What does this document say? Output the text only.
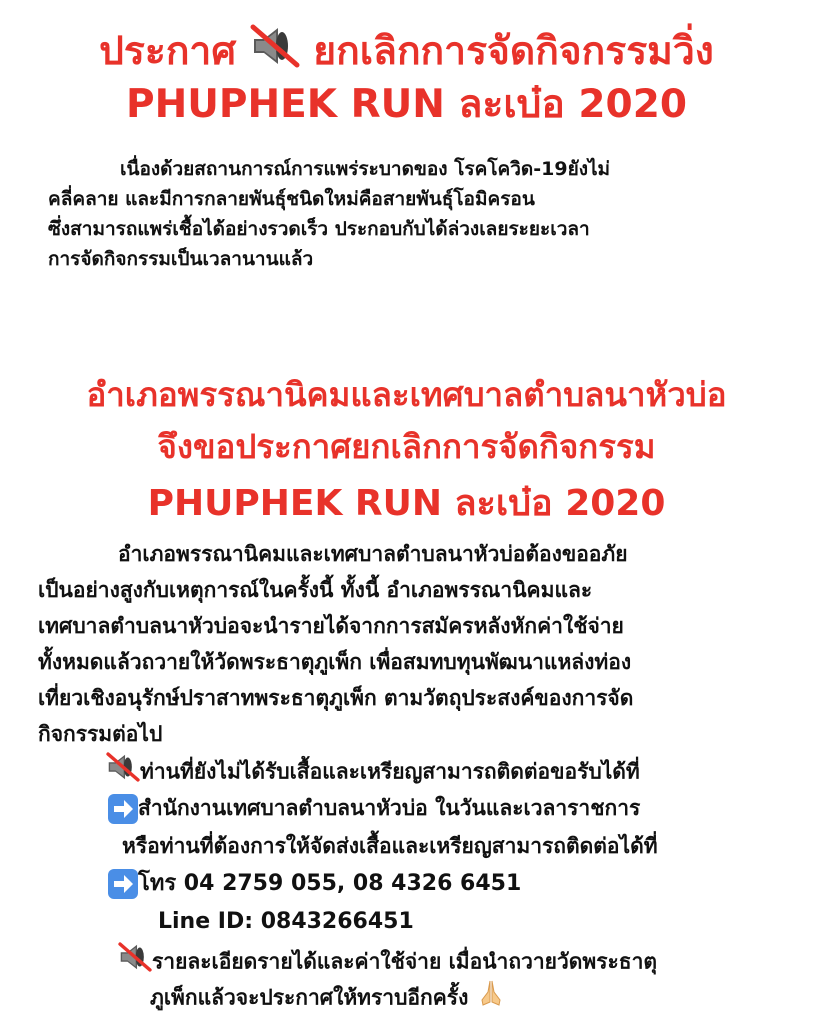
ประกาศ ยกเลิกการจัดกิจกรรมวิ่ง
PHUPHEK RUN ละเบ๋อ 2020

เนื่องด้วยสถานการณ์การแพร่ระบาดของ โรคโควิด-19ยังไม่

คลี่คลาย และมีการกลายพันธุ์ชนิดใหม่คือสายพันธุ์โอมิครอน

ซึ่งสามารถแพร่เชื้อได้อย่างรวดเร็ว ประกอบกับได้ล่วงเลยระยะเวลา

การจัดกิจกรรมเป็นเวลานานแล้ว

อำเภอพรรณานิคมและเทศบาลตำบลนาหัวบ่อ
จึงขอประกาศยกเลิกการจัดกิจกรรม
PHUPHEK RUN ละเบ๋อ 2020

อำเภอพรรณานิคมและเทศบาลตำบลนาหัวบ่อต้องขออภัย

เป็นอย่างสูงกับเหตุการณ์ในครั้งนี้ ทั้งนี้ อำเภอพรรณานิคมและ

เทศบาลตำบลนาหัวบ่อจะนำรายได้จากการสมัครหลังหักค่าใช้จ่าย

ทั้งหมดแล้วถวายให้วัดพระธาตุภูเพ็ก เพื่อสมทบทุนพัฒนาแหล่งท่อง

เที่ยวเชิงอนุรักษ์ปราสาทพระธาตุภูเพ็ก ตามวัตถุประสงค์ของการจัด

กิจกรรมต่อไป

ท่านที่ยังไม่ได้รับเสื้อและเหรียญสามารถติดต่อขอรับได้ที่

สำนักงานเทศบาลตำบลนาหัวบ่อ ในวันและเวลาราชการ

หรือท่านที่ต้องการให้จัดส่งเสื้อและเหรียญสามารถติดต่อได้ที่

โทร 04 2759 055, 08 4326 6451

Line ID: 0843266451

รายละเอียดรายได้และค่าใช้จ่าย เมื่อนำถวายวัดพระธาตุ

ภูเพ็กแล้วจะประกาศให้ทราบอีกครั้ง
